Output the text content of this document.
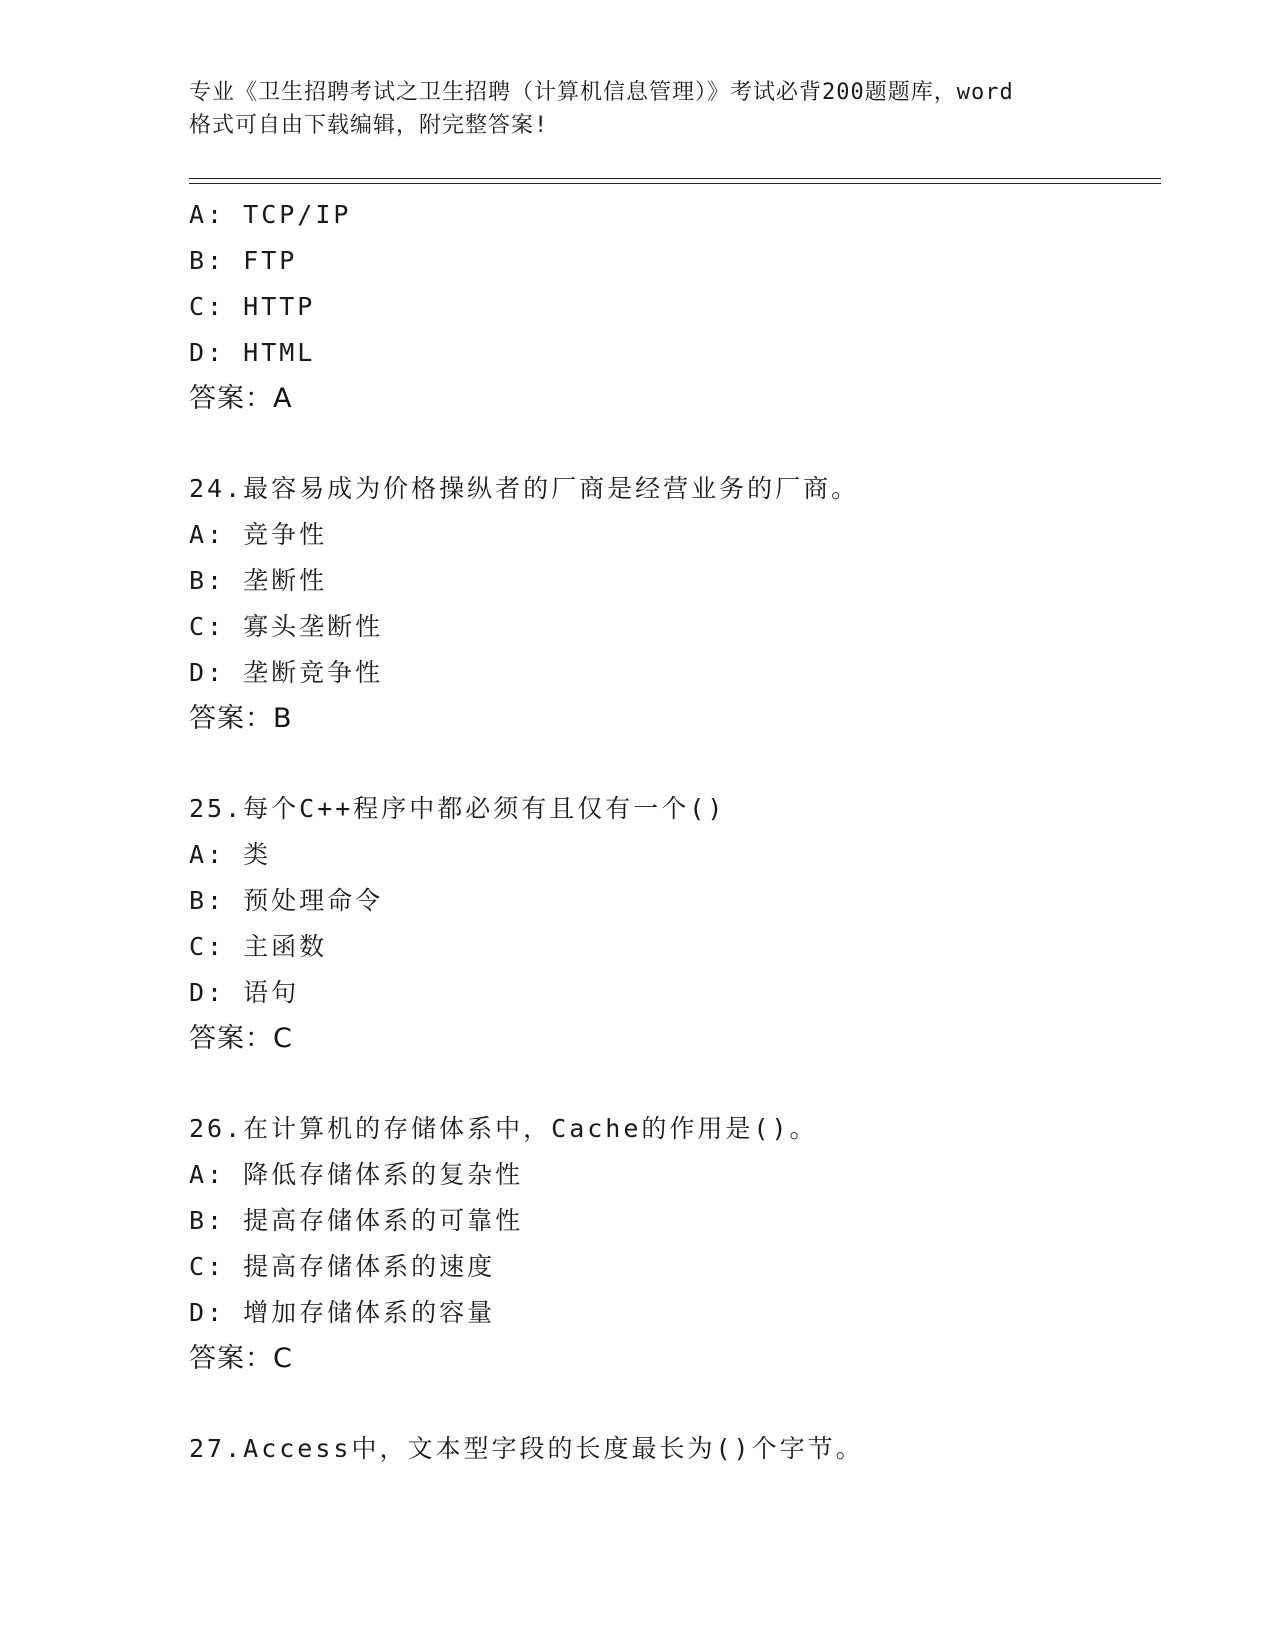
专业《卫生招聘考试之卫生招聘（计算机信息管理）》考试必背200题题库，word
格式可自由下载编辑，附完整答案!
A: TCP/IP
B: FTP
C: HTTP
D: HTML
答案：A
24.最容易成为价格操纵者的厂商是经营业务的厂商。
A: 竞争性
B: 垄断性
C: 寡头垄断性
D: 垄断竞争性
答案：B
25.每个C++程序中都必须有且仅有一个()
A: 类
B: 预处理命令
C: 主函数
D: 语句
答案：C
26.在计算机的存储体系中，Cache的作用是()。
A: 降低存储体系的复杂性
B: 提高存储体系的可靠性
C: 提高存储体系的速度
D: 增加存储体系的容量
答案：C
27.Access中，文本型字段的长度最长为()个字节。
